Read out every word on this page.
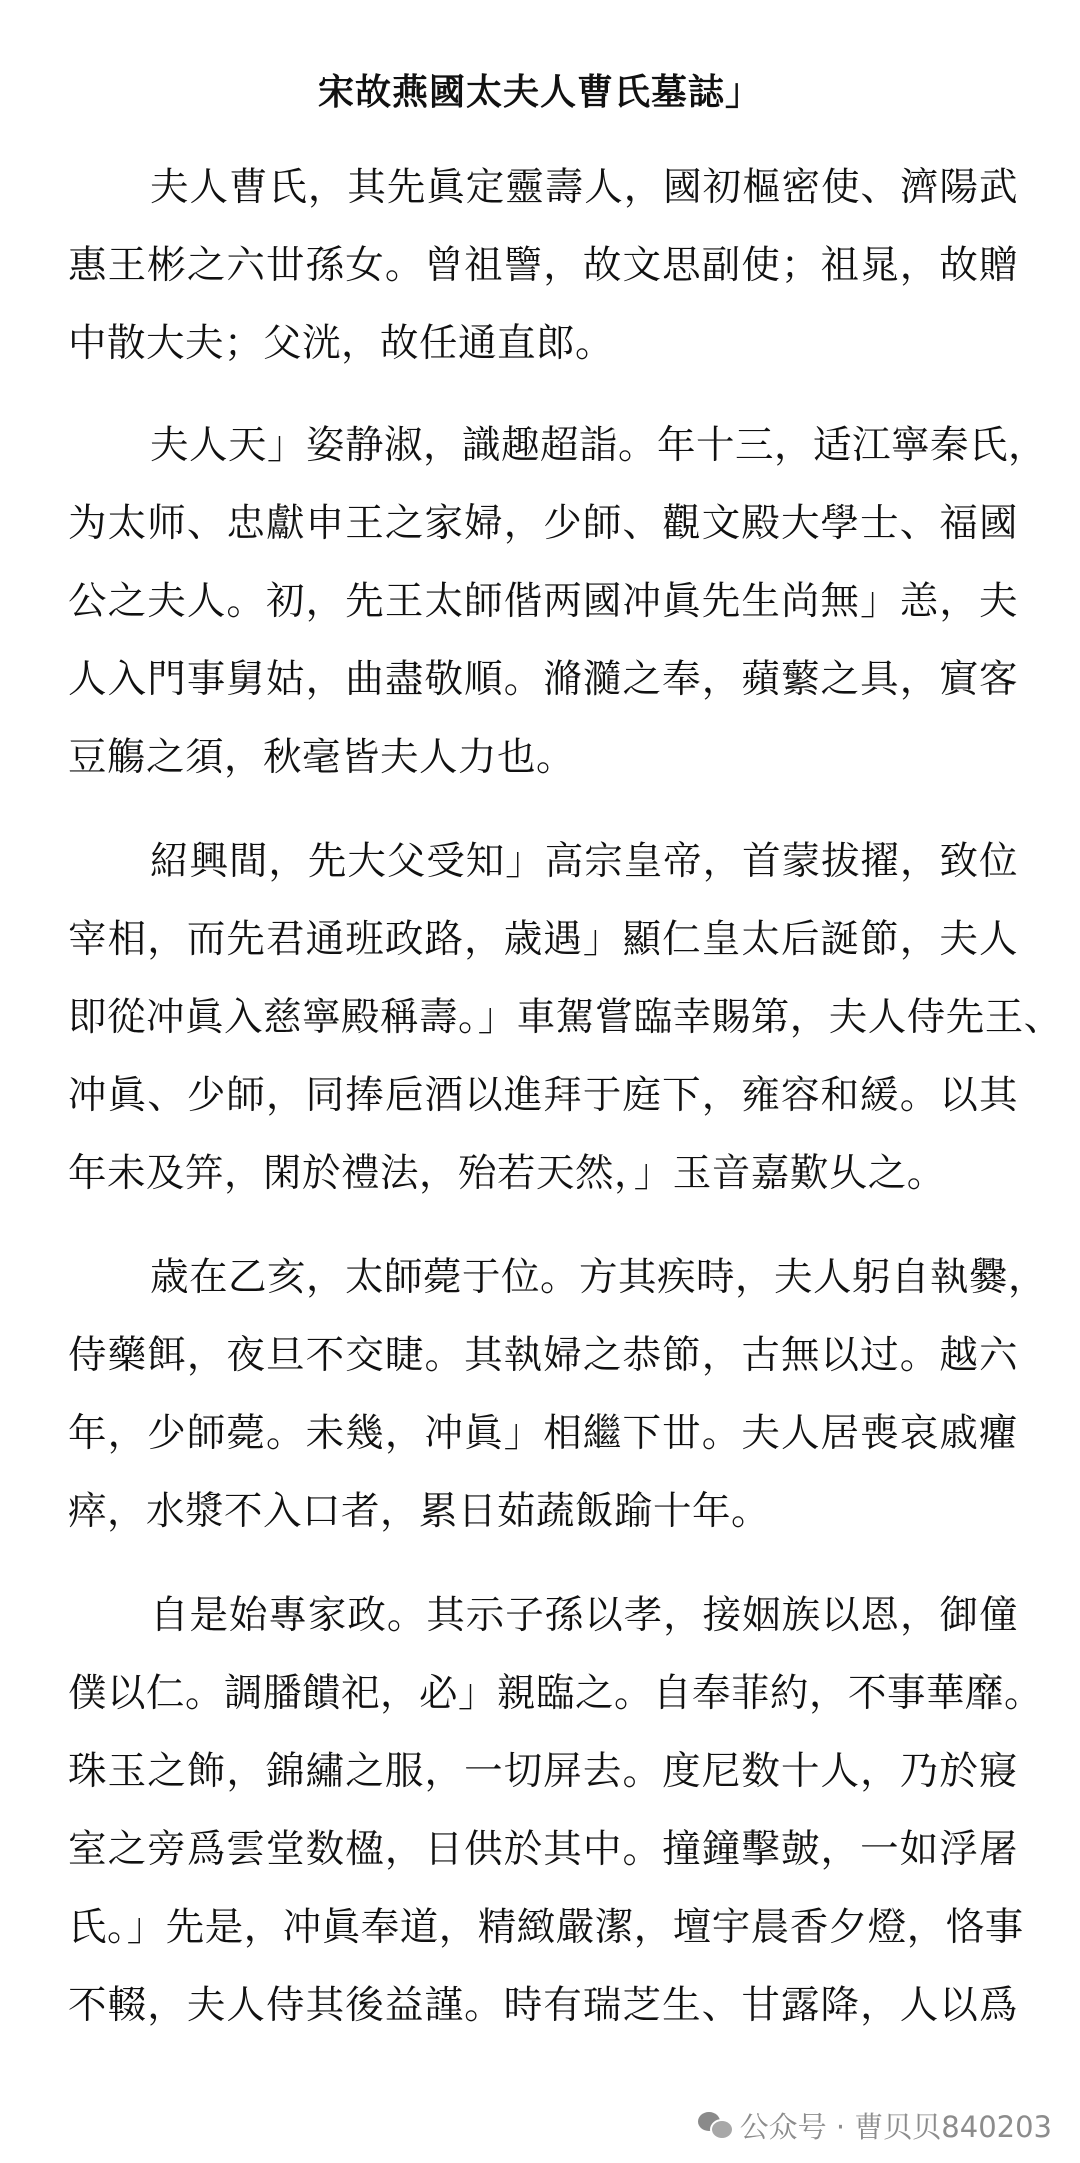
宋故燕國太夫人曹氏墓誌」
夫人曹氏，其先眞定靈壽人，國初樞密使、濟陽武
惠王彬之六丗孫女。曾祖譼，故文思副使；祖晁，故贈
中散大夫；父洸，故任通直郎。
夫人天」姿静淑，識趣超詣。年十三，适江寧秦氏，
为太师、忠獻申王之家婦，少師、觀文殿大學士、福國
公之夫人。初，先王太師偕两國冲眞先生尚無」恙，夫
人入門事舅姑，曲盡敬順。滫瀡之奉，蘋蘩之具，賔客
豆觴之須，秋毫皆夫人力也。
紹興間，先大父受知」高宗皇帝，首蒙拔擢，致位
宰相，而先君通班政路，歳遇」顯仁皇太后誕節，夫人
即從冲眞入慈寧殿稱壽。」車駕嘗臨幸賜第，夫人侍先王、
冲眞、少師，同捧巵酒以進拜于庭下，雍容和緩。以其
年未及笄，閑於禮法，殆若天然，」玉音嘉歎乆之。
歳在乙亥，太師薨于位。方其疾時，夫人躬自執爨，
侍藥餌，夜旦不交睫。其執婦之恭節，古無以过。越六
年，少師薨。未幾，冲眞」相繼下丗。夫人居喪哀戚癯
瘁，水漿不入口者，累日茹蔬飯踰十年。
自是始專家政。其示子孫以孝，接姻族以恩，御僮
僕以仁。調膰饋祀，必」親臨之。自奉菲約，不事華靡。
珠玉之飾，錦繡之服，一切屏去。度尼数十人，乃於寢
室之旁爲雲堂数楹，日供於其中。撞鐘擊皷，一如浮屠
氏。」先是，冲眞奉道，精緻嚴潔，壇宇晨香夕燈，恪事
不輟，夫人侍其後益謹。時有瑞芝生、甘露降，人以爲
公众号 · 曹贝贝840203
